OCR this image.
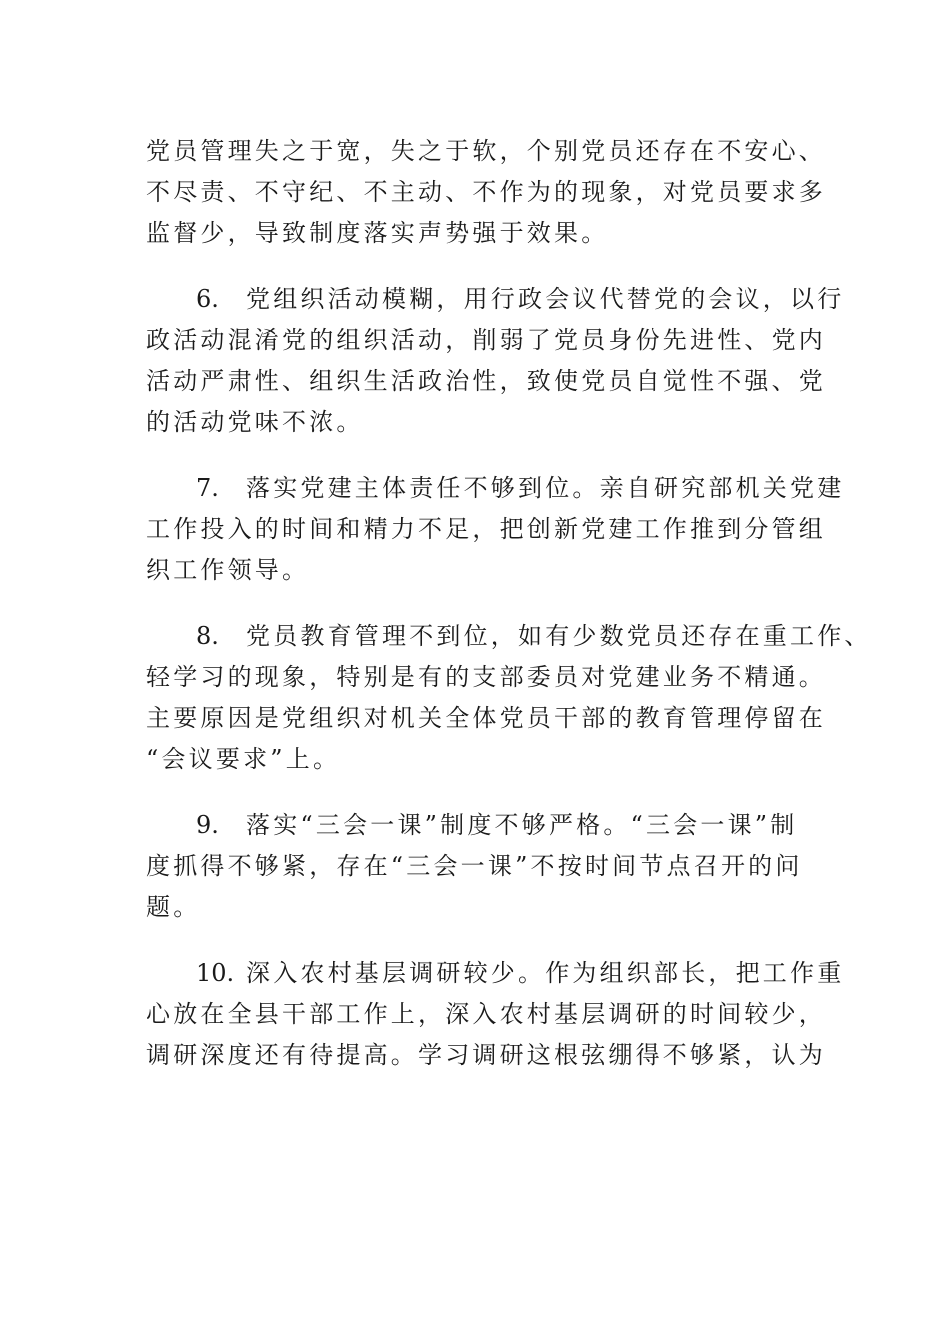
党员管理失之于宽，失之于软，个别党员还存在不安心、
不尽责、不守纪、不主动、不作为的现象，对党员要求多
监督少，导致制度落实声势强于效果。
6. 党组织活动模糊，用行政会议代替党的会议，以行
政活动混淆党的组织活动，削弱了党员身份先进性、党内
活动严肃性、组织生活政治性，致使党员自觉性不强、党
的活动党味不浓。
7. 落实党建主体责任不够到位。亲自研究部机关党建
工作投入的时间和精力不足，把创新党建工作推到分管组
织工作领导。
8. 党员教育管理不到位，如有少数党员还存在重工作、
轻学习的现象，特别是有的支部委员对党建业务不精通。
主要原因是党组织对机关全体党员干部的教育管理停留在
“会议要求”上。
9. 落实“三会一课”制度不够严格。“三会一课”制
度抓得不够紧，存在“三会一课”不按时间节点召开的问
题。
10. 深入农村基层调研较少。作为组织部长，把工作重
心放在全县干部工作上，深入农村基层调研的时间较少，
调研深度还有待提高。学习调研这根弦绷得不够紧，认为
